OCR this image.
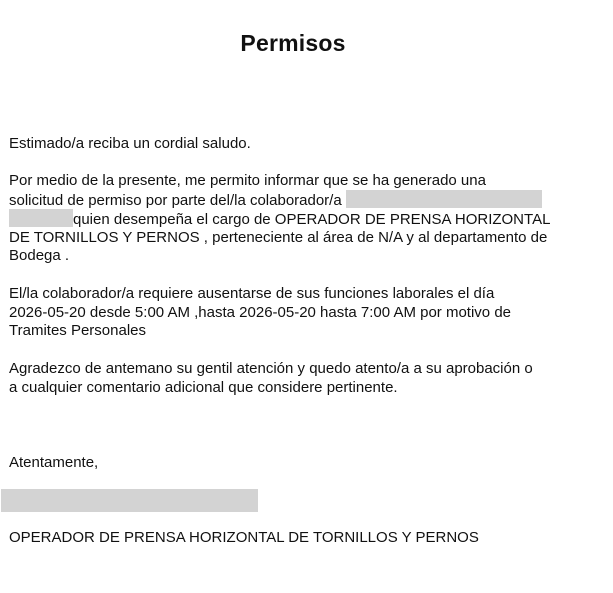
Permisos
Estimado/a reciba un cordial saludo.
Por medio de la presente, me permito informar que se ha generado una
solicitud de permiso por parte del/la colaborador/a
quien desempeña el cargo de OPERADOR DE PRENSA HORIZONTAL
DE TORNILLOS Y PERNOS , perteneciente al área de N/A y al departamento de
Bodega .
El/la colaborador/a requiere ausentarse de sus funciones laborales el día
2026-05-20 desde 5:00 AM ,hasta 2026-05-20 hasta 7:00 AM por motivo de
Tramites Personales
Agradezco de antemano su gentil atención y quedo atento/a a su aprobación o
a cualquier comentario adicional que considere pertinente.
Atentamente,
OPERADOR DE PRENSA HORIZONTAL DE TORNILLOS Y PERNOS
